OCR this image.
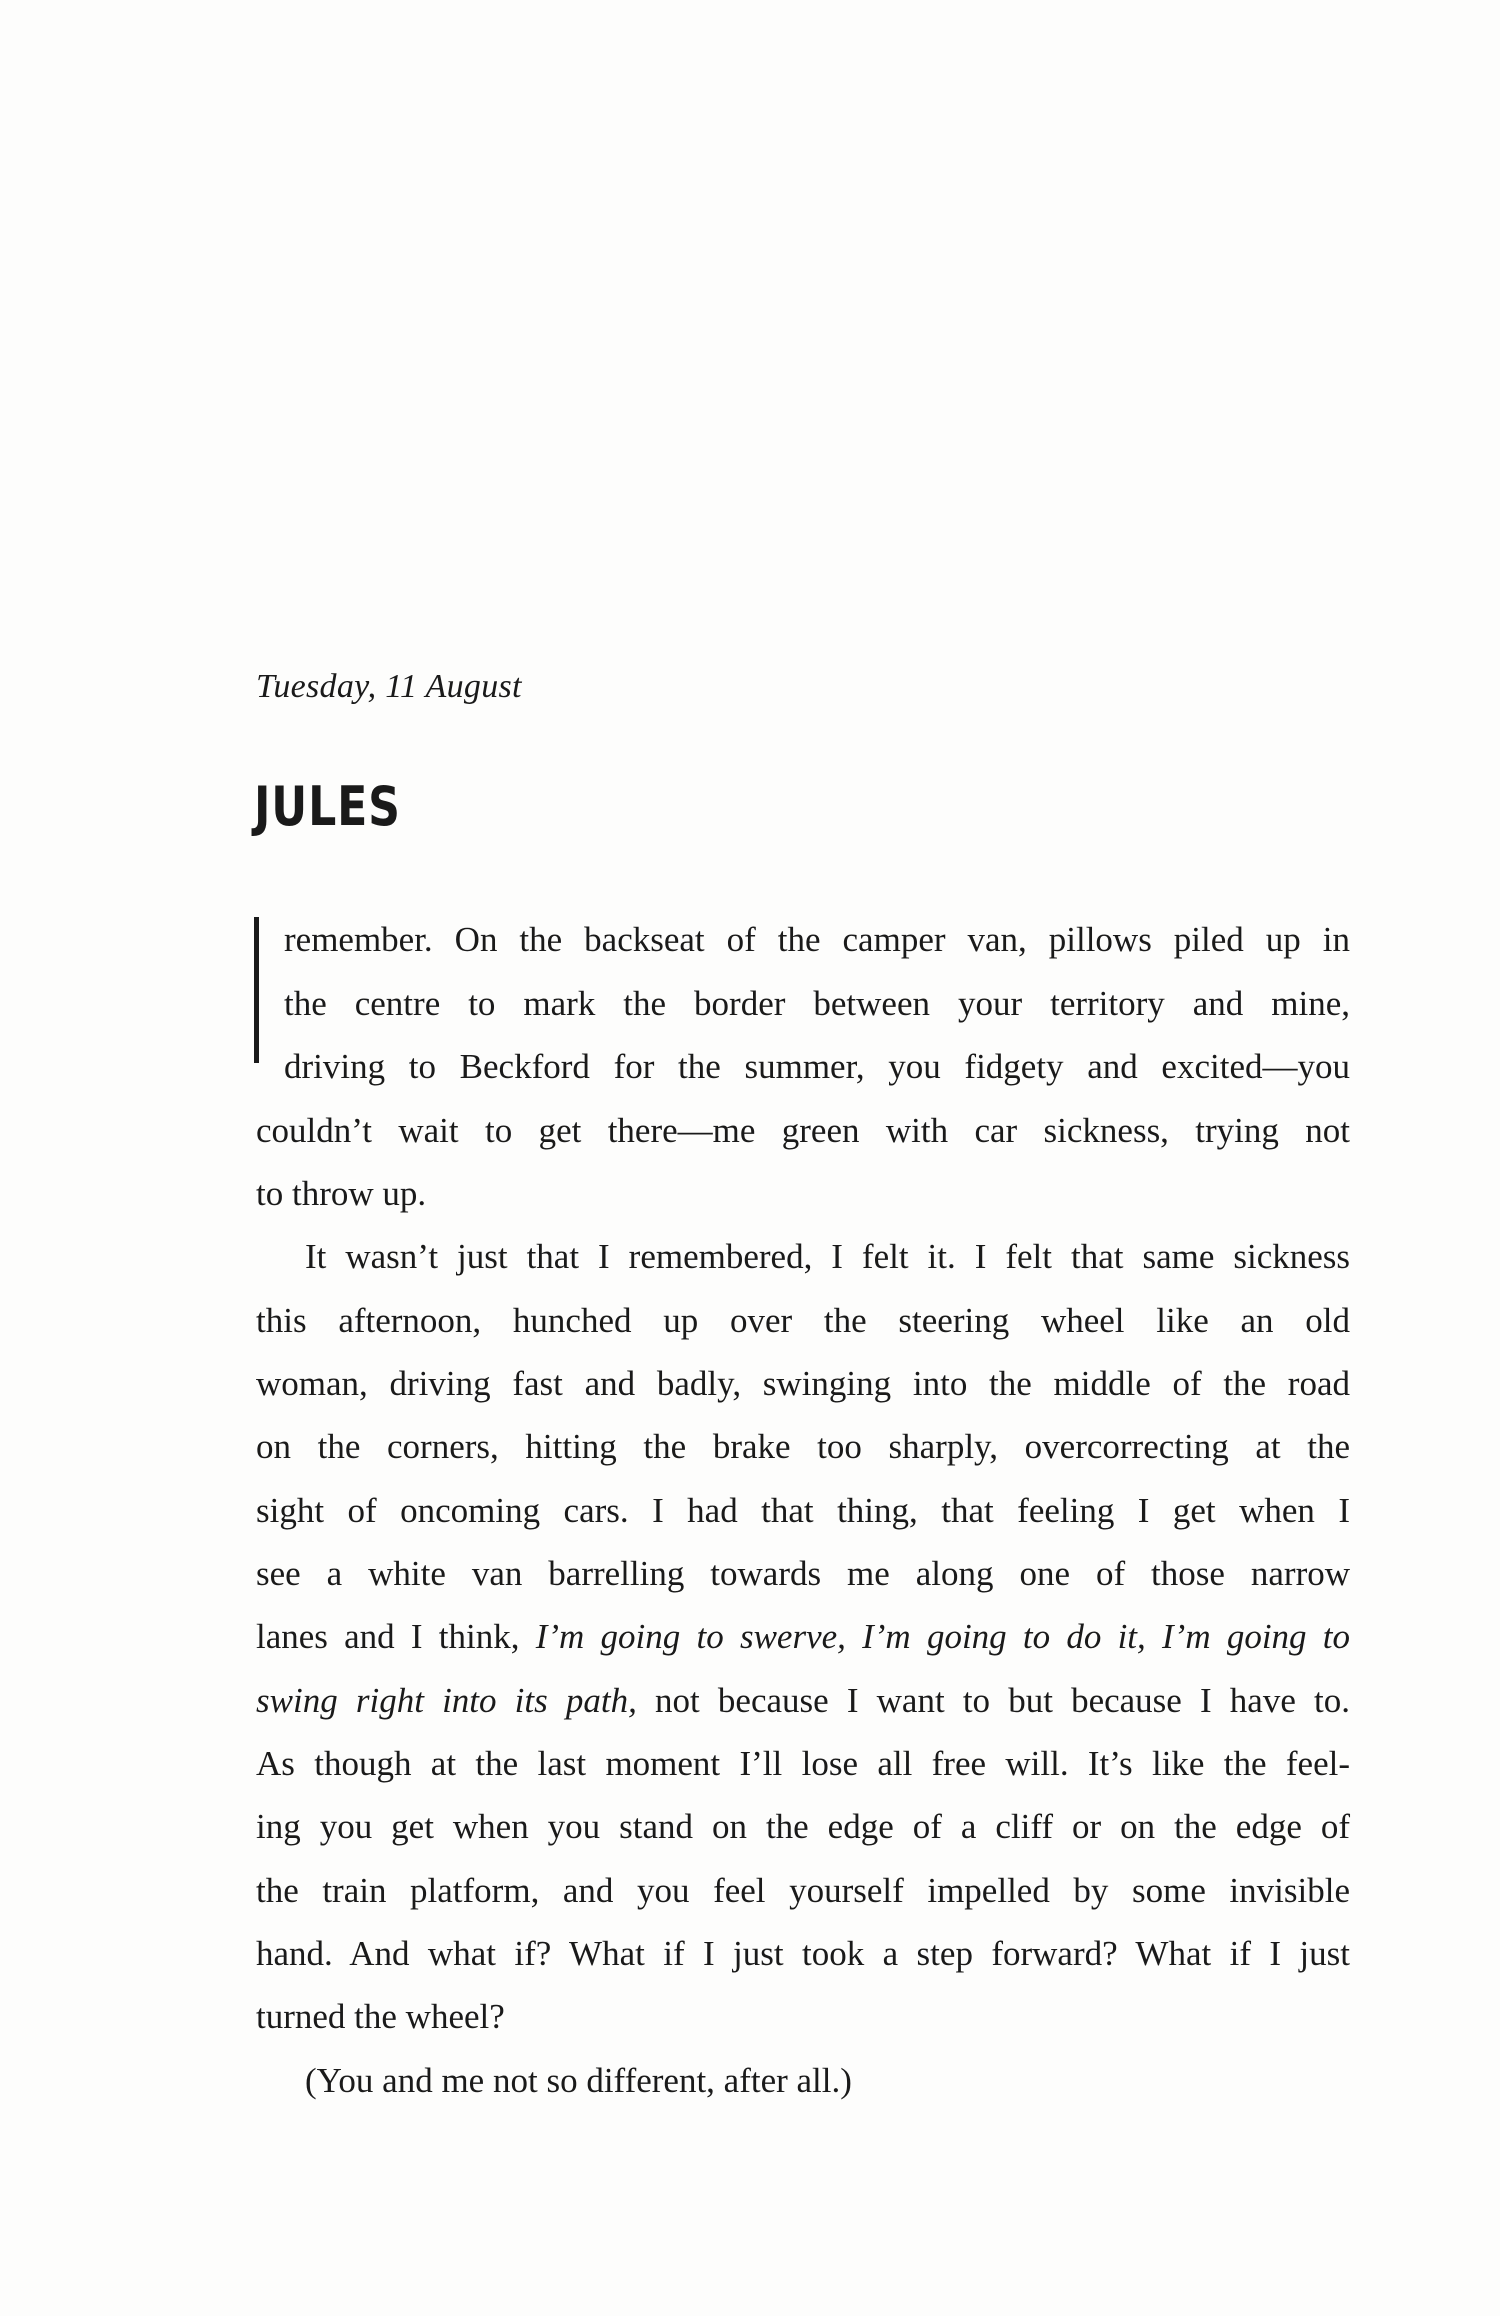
Tuesday, 11 August
JULES
remember. On the backseat of the camper van, pillows piled up in
the centre to mark the border between your territory and mine,
driving to Beckford for the summer, you fidgety and excited—you
couldn’t wait to get there—me green with car sickness, trying not
to throw up.
It wasn’t just that I remembered, I felt it. I felt that same sickness
this afternoon, hunched up over the steering wheel like an old
woman, driving fast and badly, swinging into the middle of the road
on the corners, hitting the brake too sharply, overcorrecting at the
sight of oncoming cars. I had that thing, that feeling I get when I
see a white van barrelling towards me along one of those narrow
lanes and I think, I’m going to swerve, I’m going to do it, I’m going to
swing right into its path, not because I want to but because I have to.
As though at the last moment I’ll lose all free will. It’s like the feel-
ing you get when you stand on the edge of a cliff or on the edge of
the train platform, and you feel yourself impelled by some invisible
hand. And what if? What if I just took a step forward? What if I just
turned the wheel?
(You and me not so different, after all.)
